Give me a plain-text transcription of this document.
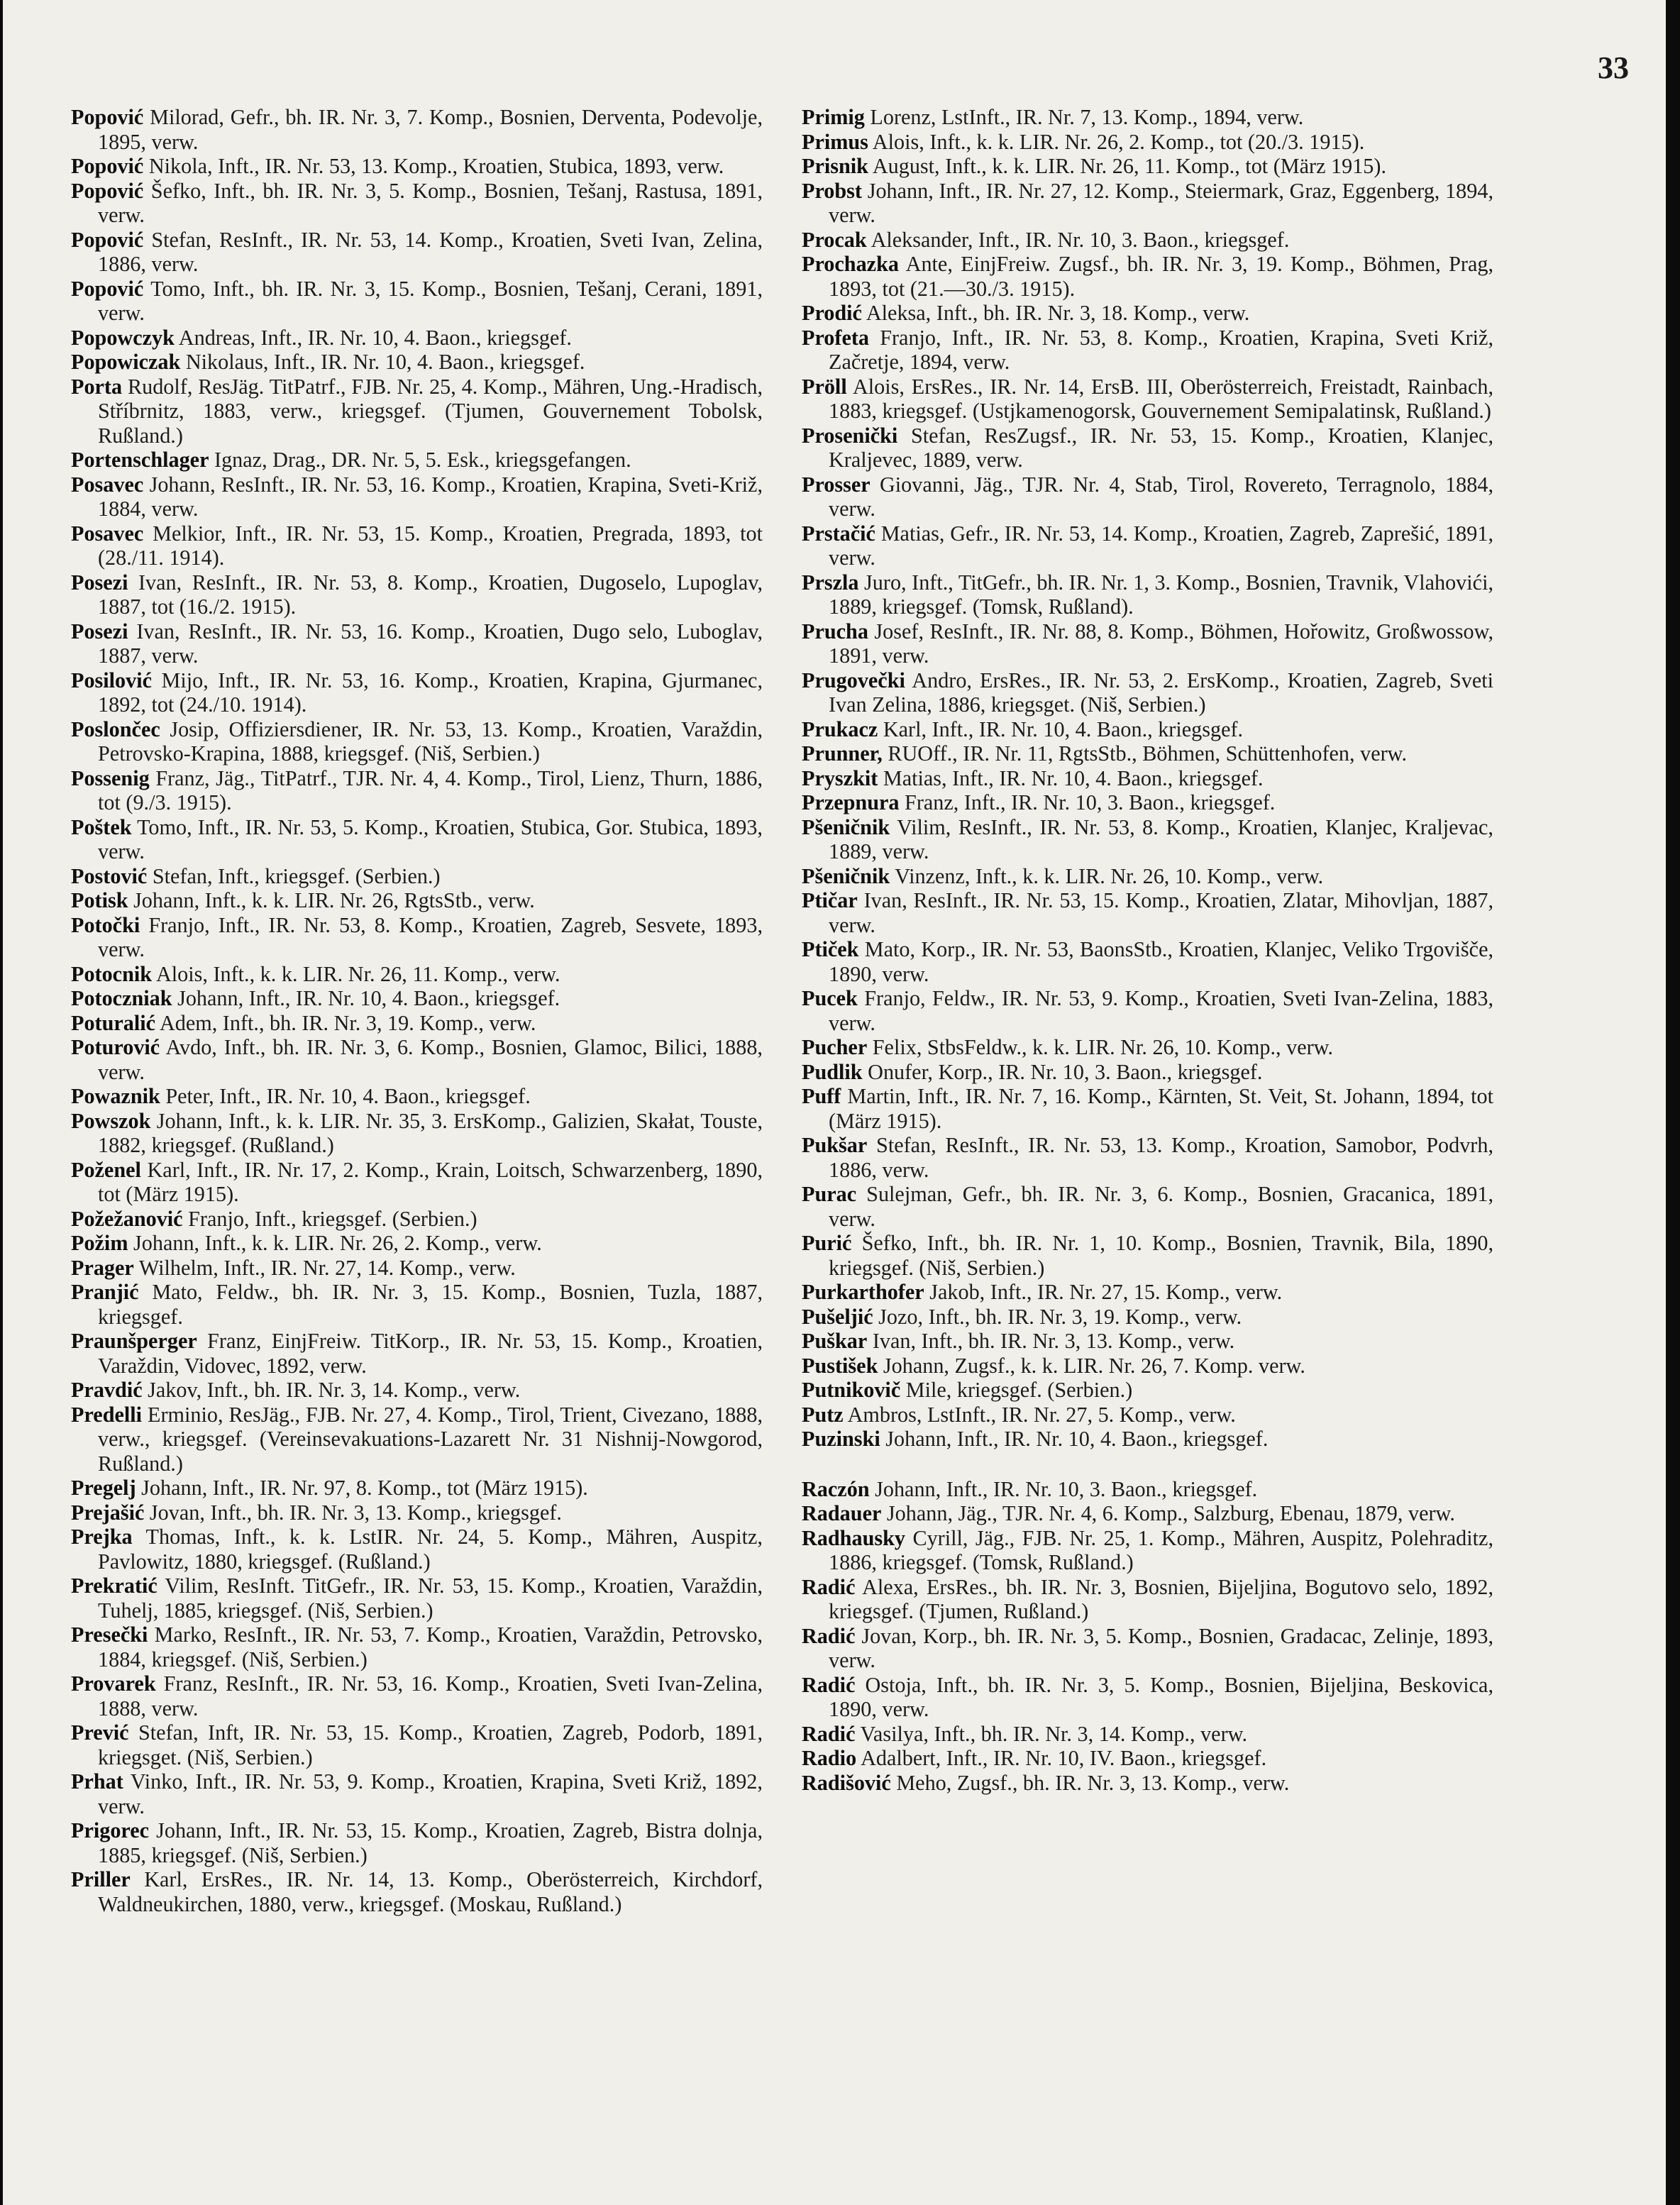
33
Popović Milorad, Gefr., bh. IR. Nr. 3, 7. Komp., Bosnien, Derventa, Podevolje, 1895, verw.
Popović Nikola, Inft., IR. Nr. 53, 13. Komp., Kroatien, Stubica, 1893, verw.
Popović Šefko, Inft., bh. IR. Nr. 3, 5. Komp., Bosnien, Tešanj, Rastusa, 1891, verw.
Popović Stefan, ResInft., IR. Nr. 53, 14. Komp., Kroatien, Sveti Ivan, Zelina, 1886, verw.
Popović Tomo, Inft., bh. IR. Nr. 3, 15. Komp., Bosnien, Tešanj, Cerani, 1891, verw.
Popowczyk Andreas, Inft., IR. Nr. 10, 4. Baon., kriegsgef.
Popowiczak Nikolaus, Inft., IR. Nr. 10, 4. Baon., kriegsgef.
Porta Rudolf, ResJäg. TitPatrf., FJB. Nr. 25, 4. Komp., Mähren, Ung.-Hradisch, Stříbrnitz, 1883, verw., kriegsgef. (Tjumen, Gouvernement Tobolsk, Rußland.)
Portenschlager Ignaz, Drag., DR. Nr. 5, 5. Esk., kriegsgefangen.
Posavec Johann, ResInft., IR. Nr. 53, 16. Komp., Kroatien, Krapina, Sveti-Križ, 1884, verw.
Posavec Melkior, Inft., IR. Nr. 53, 15. Komp., Kroatien, Pregrada, 1893, tot (28./11. 1914).
Posezi Ivan, ResInft., IR. Nr. 53, 8. Komp., Kroatien, Dugoselo, Lupoglav, 1887, tot (16./2. 1915).
Posezi Ivan, ResInft., IR. Nr. 53, 16. Komp., Kroatien, Dugo selo, Luboglav, 1887, verw.
Posilović Mijo, Inft., IR. Nr. 53, 16. Komp., Kroatien, Krapina, Gjurmanec, 1892, tot (24./10. 1914).
Poslončec Josip, Offiziersdiener, IR. Nr. 53, 13. Komp., Kroatien, Varaždin, Petrovsko-Krapina, 1888, kriegsgef. (Niš, Serbien.)
Possenig Franz, Jäg., TitPatrf., TJR. Nr. 4, 4. Komp., Tirol, Lienz, Thurn, 1886, tot (9./3. 1915).
Poštek Tomo, Inft., IR. Nr. 53, 5. Komp., Kroatien, Stubica, Gor. Stubica, 1893, verw.
Postović Stefan, Inft., kriegsgef. (Serbien.)
Potisk Johann, Inft., k. k. LIR. Nr. 26, RgtsStb., verw.
Potočki Franjo, Inft., IR. Nr. 53, 8. Komp., Kroatien, Zagreb, Sesvete, 1893, verw.
Potocnik Alois, Inft., k. k. LIR. Nr. 26, 11. Komp., verw.
Potoczniak Johann, Inft., IR. Nr. 10, 4. Baon., kriegsgef.
Poturalić Adem, Inft., bh. IR. Nr. 3, 19. Komp., verw.
Poturović Avdo, Inft., bh. IR. Nr. 3, 6. Komp., Bosnien, Glamoc, Bilici, 1888, verw.
Powaznik Peter, Inft., IR. Nr. 10, 4. Baon., kriegsgef.
Powszok Johann, Inft., k. k. LIR. Nr. 35, 3. ErsKomp., Galizien, Skałat, Touste, 1882, kriegsgef. (Rußland.)
Poženel Karl, Inft., IR. Nr. 17, 2. Komp., Krain, Loitsch, Schwarzenberg, 1890, tot (März 1915).
Požežanović Franjo, Inft., kriegsgef. (Serbien.)
Požim Johann, Inft., k. k. LIR. Nr. 26, 2. Komp., verw.
Prager Wilhelm, Inft., IR. Nr. 27, 14. Komp., verw.
Pranjić Mato, Feldw., bh. IR. Nr. 3, 15. Komp., Bosnien, Tuzla, 1887, kriegsgef.
Praunšperger Franz, EinjFreiw. TitKorp., IR. Nr. 53, 15. Komp., Kroatien, Varaždin, Vidovec, 1892, verw.
Pravdić Jakov, Inft., bh. IR. Nr. 3, 14. Komp., verw.
Predelli Erminio, ResJäg., FJB. Nr. 27, 4. Komp., Tirol, Trient, Civezano, 1888, verw., kriegsgef. (Vereinsevakuations-Lazarett Nr. 31 Nishnij-Nowgorod, Rußland.)
Pregelj Johann, Inft., IR. Nr. 97, 8. Komp., tot (März 1915).
Prejašić Jovan, Inft., bh. IR. Nr. 3, 13. Komp., kriegsgef.
Prejka Thomas, Inft., k. k. LstIR. Nr. 24, 5. Komp., Mähren, Auspitz, Pavlowitz, 1880, kriegsgef. (Rußland.)
Prekratić Vilim, ResInft. TitGefr., IR. Nr. 53, 15. Komp., Kroatien, Varaždin, Tuhelj, 1885, kriegsgef. (Niš, Serbien.)
Presečki Marko, ResInft., IR. Nr. 53, 7. Komp., Kroatien, Varaždin, Petrovsko, 1884, kriegsgef. (Niš, Serbien.)
Provarek Franz, ResInft., IR. Nr. 53, 16. Komp., Kroatien, Sveti Ivan-Zelina, 1888, verw.
Prević Stefan, Inft, IR. Nr. 53, 15. Komp., Kroatien, Zagreb, Podorb, 1891, kriegsget. (Niš, Serbien.)
Prhat Vinko, Inft., IR. Nr. 53, 9. Komp., Kroatien, Krapina, Sveti Križ, 1892, verw.
Prigorec Johann, Inft., IR. Nr. 53, 15. Komp., Kroatien, Zagreb, Bistra dolnja, 1885, kriegsgef. (Niš, Serbien.)
Priller Karl, ErsRes., IR. Nr. 14, 13. Komp., Oberösterreich, Kirchdorf, Waldneukirchen, 1880, verw., kriegsgef. (Moskau, Rußland.)
Primig Lorenz, LstInft., IR. Nr. 7, 13. Komp., 1894, verw.
Primus Alois, Inft., k. k. LIR. Nr. 26, 2. Komp., tot (20./3. 1915).
Prisnik August, Inft., k. k. LIR. Nr. 26, 11. Komp., tot (März 1915).
Probst Johann, Inft., IR. Nr. 27, 12. Komp., Steiermark, Graz, Eggenberg, 1894, verw.
Procak Aleksander, Inft., IR. Nr. 10, 3. Baon., kriegsgef.
Prochazka Ante, EinjFreiw. Zugsf., bh. IR. Nr. 3, 19. Komp., Böhmen, Prag, 1893, tot (21.—30./3. 1915).
Prodić Aleksa, Inft., bh. IR. Nr. 3, 18. Komp., verw.
Profeta Franjo, Inft., IR. Nr. 53, 8. Komp., Kroatien, Krapina, Sveti Križ, Začretje, 1894, verw.
Pröll Alois, ErsRes., IR. Nr. 14, ErsB. III, Oberösterreich, Freistadt, Rainbach, 1883, kriegsgef. (Ustjkamenogorsk, Gouvernement Semipalatinsk, Rußland.)
Prosenički Stefan, ResZugsf., IR. Nr. 53, 15. Komp., Kroatien, Klanjec, Kraljevec, 1889, verw.
Prosser Giovanni, Jäg., TJR. Nr. 4, Stab, Tirol, Rovereto, Terragnolo, 1884, verw.
Prstačić Matias, Gefr., IR. Nr. 53, 14. Komp., Kroatien, Zagreb, Zaprešić, 1891, verw.
Prszla Juro, Inft., TitGefr., bh. IR. Nr. 1, 3. Komp., Bosnien, Travnik, Vlahovići, 1889, kriegsgef. (Tomsk, Rußland).
Prucha Josef, ResInft., IR. Nr. 88, 8. Komp., Böhmen, Hořowitz, Großwossow, 1891, verw.
Prugovečki Andro, ErsRes., IR. Nr. 53, 2. ErsKomp., Kroatien, Zagreb, Sveti Ivan Zelina, 1886, kriegsget. (Niš, Serbien.)
Prukacz Karl, Inft., IR. Nr. 10, 4. Baon., kriegsgef.
Prunner, RUOff., IR. Nr. 11, RgtsStb., Böhmen, Schüttenhofen, verw.
Pryszkit Matias, Inft., IR. Nr. 10, 4. Baon., kriegsgef.
Przepnura Franz, Inft., IR. Nr. 10, 3. Baon., kriegsgef.
Pšeničnik Vilim, ResInft., IR. Nr. 53, 8. Komp., Kroatien, Klanjec, Kraljevac, 1889, verw.
Pšeničnik Vinzenz, Inft., k. k. LIR. Nr. 26, 10. Komp., verw.
Ptičar Ivan, ResInft., IR. Nr. 53, 15. Komp., Kroatien, Zlatar, Mihovljan, 1887, verw.
Ptiček Mato, Korp., IR. Nr. 53, BaonsStb., Kroatien, Klanjec, Veliko Trgovišče, 1890, verw.
Pucek Franjo, Feldw., IR. Nr. 53, 9. Komp., Kroatien, Sveti Ivan-Zelina, 1883, verw.
Pucher Felix, StbsFeldw., k. k. LIR. Nr. 26, 10. Komp., verw.
Pudlik Onufer, Korp., IR. Nr. 10, 3. Baon., kriegsgef.
Puff Martin, Inft., IR. Nr. 7, 16. Komp., Kärnten, St. Veit, St. Johann, 1894, tot (März 1915).
Pukšar Stefan, ResInft., IR. Nr. 53, 13. Komp., Kroation, Samobor, Podvrh, 1886, verw.
Purac Sulejman, Gefr., bh. IR. Nr. 3, 6. Komp., Bosnien, Gracanica, 1891, verw.
Purić Šefko, Inft., bh. IR. Nr. 1, 10. Komp., Bosnien, Travnik, Bila, 1890, kriegsgef. (Niš, Serbien.)
Purkarthofer Jakob, Inft., IR. Nr. 27, 15. Komp., verw.
Pušeljić Jozo, Inft., bh. IR. Nr. 3, 19. Komp., verw.
Puškar Ivan, Inft., bh. IR. Nr. 3, 13. Komp., verw.
Pustišek Johann, Zugsf., k. k. LIR. Nr. 26, 7. Komp. verw.
Putnikovič Mile, kriegsgef. (Serbien.)
Putz Ambros, LstInft., IR. Nr. 27, 5. Komp., verw.
Puzinski Johann, Inft., IR. Nr. 10, 4. Baon., kriegsgef.
Raczón Johann, Inft., IR. Nr. 10, 3. Baon., kriegsgef.
Radauer Johann, Jäg., TJR. Nr. 4, 6. Komp., Salzburg, Ebenau, 1879, verw.
Radhausky Cyrill, Jäg., FJB. Nr. 25, 1. Komp., Mähren, Auspitz, Polehraditz, 1886, kriegsgef. (Tomsk, Rußland.)
Radić Alexa, ErsRes., bh. IR. Nr. 3, Bosnien, Bijeljina, Bogutovo selo, 1892, kriegsgef. (Tjumen, Rußland.)
Radić Jovan, Korp., bh. IR. Nr. 3, 5. Komp., Bosnien, Gradacac, Zelinje, 1893, verw.
Radić Ostoja, Inft., bh. IR. Nr. 3, 5. Komp., Bosnien, Bijeljina, Beskovica, 1890, verw.
Radić Vasilya, Inft., bh. IR. Nr. 3, 14. Komp., verw.
Radio Adalbert, Inft., IR. Nr. 10, IV. Baon., kriegsgef.
Radišović Meho, Zugsf., bh. IR. Nr. 3, 13. Komp., verw.
